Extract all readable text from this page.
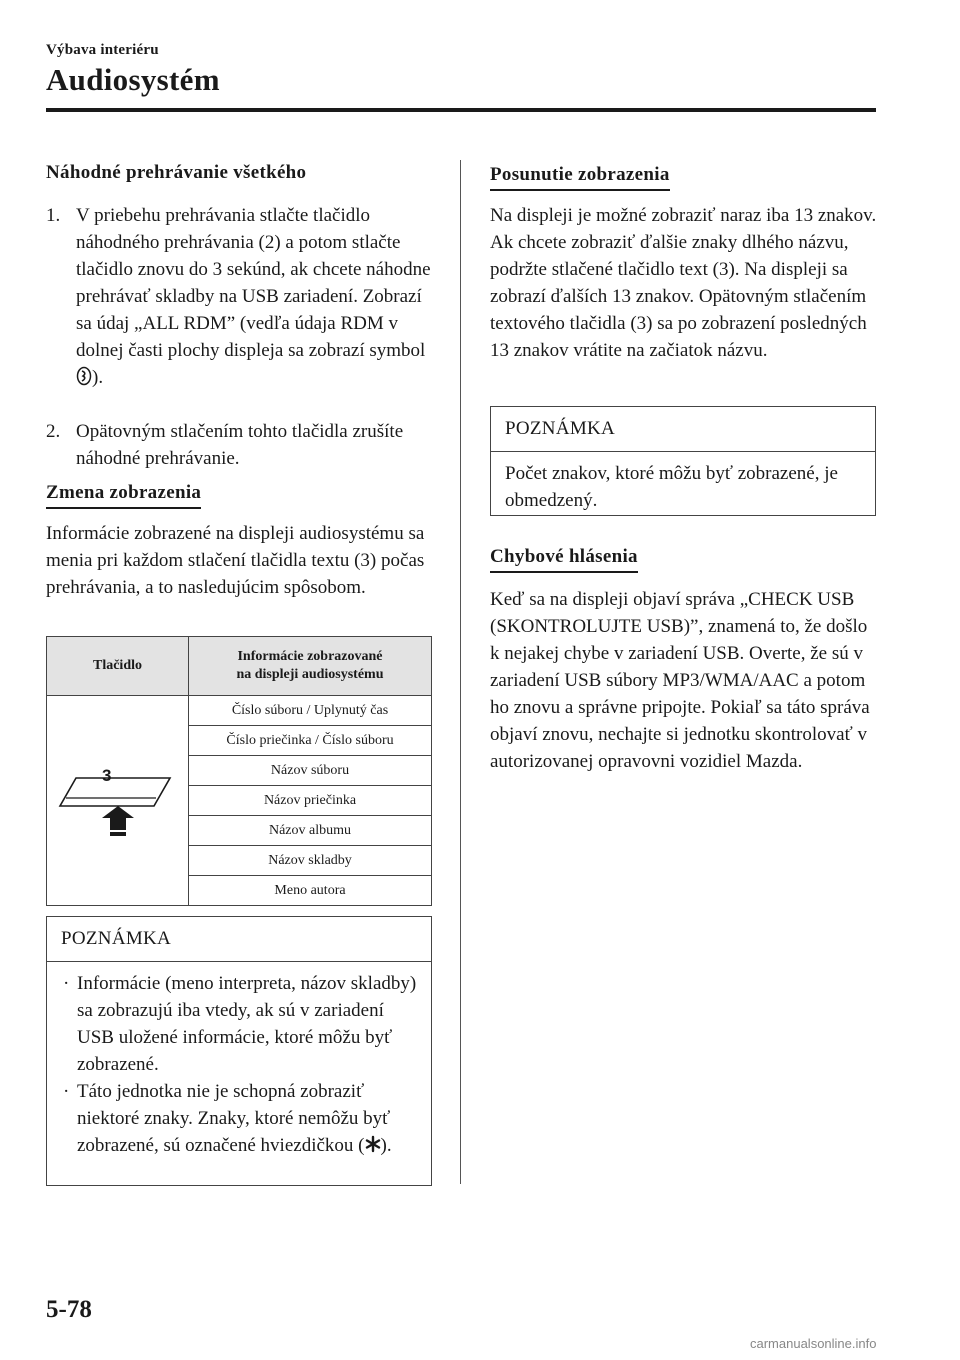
Výbava interiéru
Audiosystém
Náhodné prehrávanie všetkého
1. V priebehu prehrávania stlačte tlačidlo náhodného prehrávania (2) a potom stlačte tlačidlo znovu do 3 sekúnd, ak chcete náhodne prehrávať skladby na USB zariadení. Zobrazí sa údaj „ALL RDM” (vedľa údaja RDM v dolnej časti plochy displeja sa zobrazí symbol ).
2. Opätovným stlačením tohto tlačidla zrušíte náhodné prehrávanie.
Zmena zobrazenia
Informácie zobrazené na displeji audiosystému sa menia pri každom stlačení tlačidla textu (3) počas prehrávania, a to nasledujúcim spôsobom.
Tlačidlo	Informácie zobrazované
na displeji audiosystému
	Číslo súboru / Uplynutý čas
	Číslo priečinka / Číslo súboru
	Názov súboru
	Názov priečinka
	Názov albumu
	Názov skladby
	Meno autora
3
POZNÁMKA
· Informácie (meno interpreta, názov skladby) sa zobrazujú iba vtedy, ak sú v zariadení USB uložené informácie, ktoré môžu byť zobrazené.
· Táto jednotka nie je schopná zobraziť niektoré znaky. Znaky, ktoré nemôžu byť zobrazené, sú označené hviezdičkou ( ).
Posunutie zobrazenia
Na displeji je možné zobraziť naraz iba 13 znakov. Ak chcete zobraziť ďalšie znaky dlhého názvu, podržte stlačené tlačidlo text (3). Na displeji sa zobrazí ďalších 13 znakov. Opätovným stlačením textového tlačidla (3) sa po zobrazení posledných 13 znakov vrátite na začiatok názvu.
POZNÁMKA
Počet znakov, ktoré môžu byť zobrazené, je obmedzený.
Chybové hlásenia
Keď sa na displeji objaví správa „CHECK USB (SKONTROLUJTE USB)”, znamená to, že došlo k nejakej chybe v zariadení USB. Overte, že sú v zariadení USB súbory MP3/WMA/AAC a potom ho znovu a správne pripojte. Pokiaľ sa táto správa objaví znovu, nechajte si jednotku skontrolovať v autorizovanej opravovni vozidiel Mazda.
5-78
carmanualsonline.info
